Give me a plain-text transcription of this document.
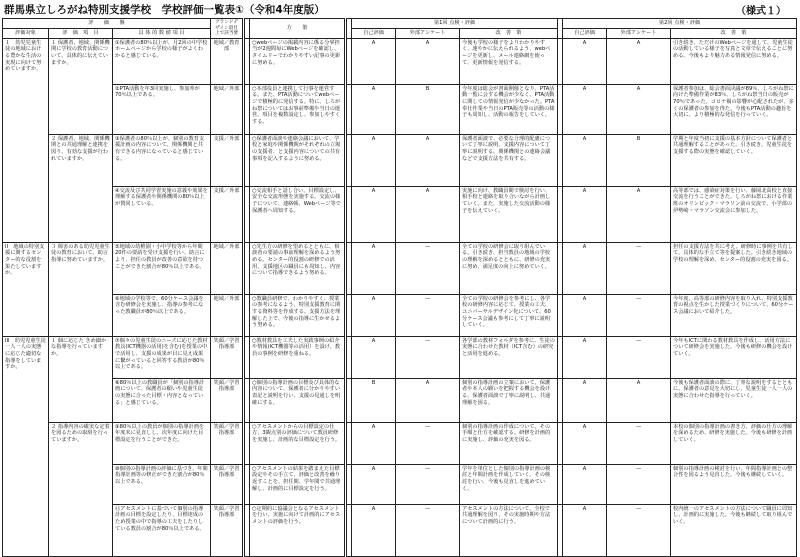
群馬県立しろがね特別支援学校　学校評価一覧表①（令和4年度版）	（様式１）
評　　価　　盤			グランドデザイン項目上で該当要		方　　策		第1回 点検・評価				第2回 点検・評価		
評価対象	評　価　項　目	具 体 的 数 値 項 目					自己評価	外部アンケート	改　善　策		自己評価	外部アンケート	改　善　策
１　幼児児童生徒の地域における豊かな生活の実現に向けて努めていますか。	１ 保護者、地域、関係機関に学校の教育活動について、具体的に伝えていますか。	①保護者の80％以上が、月2回の中学校ホームページから学校の様子がよくわかると感じている。	地域／教育部		○webページの掲載内容に係る分掌担当が2週間毎にWebページを確認し、タイムリーでわかりやすい記事の更新に努める。		A	A	今後も学校の様子をよりわかりやすく、速やかに伝えられるよう、webページを更新し、メール連絡網を使って、更新情報を発信する。		A	A	引き続き、ただけのWebページを通して、児童生徒の活動している様子を写真と文章で伝えることに努める。今後もより魅力ある情報発信に努める。
		②PTA活動を年3回実施し、参加率が70％以上である。	地域／外部		○本部役員と連携して行事を運営する。また、PTA活動についてwebページで積極的に発信する。特に、しろがね祭についてはお事前準備や当日の運営、項目を複数設定し、参加しやすくする。		A	B	今年度は総会が書面開催となり、PTA活動一覧に会する機会が少なく、PTA活動に関しての情報発信が少なかった。PTA奉仕作業や当日のPTA販売等の活動の様子も周知し、活動の報告をしていく。		A	A	保護者参加は、総会書面決議が89％、しろがね祭に向けた準備作業が83％、しろがね祭当日の販売が70％であった。コロナ禍の影響が心配されたが、多くの保護者の参加を得た。今後もPTA活動の趣旨を大切に、より積極的な発信を行っていく。
	２ 保護者、地域、関係機関との共通理解と連携を図り、有効な支援が行われていますか。	③保護者の80％以上が、個別の教育支援計画の内容について、関係機関と共有できる内容になっていると感じている。	支援／外部		○保護者面談や連絡会議において、学校と家庭や関係機関がそれぞれの立場の支援者、と支援内容についての共有事項を記入するように努める。		A	A	保護者面談で、必要な合理的配慮について丁寧に説明、支援内容について丁寧に説明する。関係機関との連絡会議などで支援方法を共有する。		A	B	学期と年度当初に支援の基本方針について保護者と共通理解することがあった。引き続き、児童生徒を支援する際の実態を確認していく。
		④交流及び共同学習実施の意義や効果を理解する保護者や関係機関の80％以上が賛同している。	支援／外部		○交流相手と話し合い、目標設定し、安全な交流形態を実施する。交流の様子について、連絡帳、Webページ等で保護者へ周知する。		A	A	実施に向け、教職員間で検討を行い、相手校と連絡を取り合いながら計画していく。また、実施した交流活動の様子を伝えていく。		A	A	高等部では、感染症対策を行い、藤岡北高校と直接交流を行うことができた。しろがね祭における作業班のオリンピック・マラソン前の交流で、小学部の伊勢崎・マラソン交流会に参加した。
II　地域の特別支援に関するセンター的な役割を果たしていますか。	３ 障害のある幼児児童生徒の教育において、助言指導に努めていますか。	⑤地域の幼稚園・小中学校等から年間20件の要請を受け支援を行い、助言により、担任の教員が改善の意欲を持つことができた割合が80％以上である。	地域／外部		○先生方の研修を望めるとともに、相談者の要請の事前理解を深めるよう努める。センター的役割の研修での活用、支援地区の職員にも周知し、内容について指導できるよう努める。		A	—	全ての学校の研修会に取り組んでいる。引き続き、担当教員の地域の学校の理解を深めるとともに、研修の充実に努め、満足度の向上に努めていく。		A	—	担任の支援方法を共に考え、研修時に事例を共有して、具体的な手立て等を提案した。引き続き地域の学校の理解を深め、センター的役割の充実を図る。
		⑥地域の学校等で、60分ケース会議を含む研修会を実施し、指導の参考になった教職員が80％以上である。	地域／外部		○教職員研修で、わかりやすく、授業の参考になるよう、特別支援教育に関する資料等を作成する。支援方法を理解した上で、今後の指導に生かせるよう努める。		A	—	全ての学校の研修会を参考にし、各学校の研修内容に応じて、授業の工夫、ユニバーサルデザイン化について、60分ケース会議も参考にして丁寧に説明していく。		A	—	今年度、高等部の研修内容を取り入れ、特別支援教育の視点を生かした授業づくりについて、60分ケース会議において紹介した。
III　幼児児童生徒一人一人の実態に応じた適切な指導をしていますか。	１ 個に応じた きめ細かな指導を行っていますか。	⑦個々の児童生徒のニーズに応じた教材教具(ICT機器の活用)を含む)を授業の中で活用し、支援の成果が目に見え成果に繋がっていると回答する教員が80％以上である。	笑顔／学習指導部		○教材教具を工夫した実践事例の紹介や情報(ICT機器等の活用）を設け、教員の事例を研修を重ねる。		A	—	各学部の教材フォルダを参考に、生徒の実態に合わせた教材（ICT含む）の研究と活用を進める。		A	—	今年もICTに関わる教材教具を作成し、活用方法について研修会を実施した。今後も研修の機会を設けていく。
		⑧80％以上の教職員が「個別の指導計画について、保護者の願いや児童生徒の実態に合った目標・内容となっている」と感じている。	笑顔／学習指導部		○個別の指導計画の目標及び具体的な内容について、保護者に分かりやすい表記と説明を行い、支援の見通しを明確にする。		B	A	個別の指導計画の立案において、保護者や本人の願いを把握する機会を設ける。保護者面談で丁寧に説明し、共通理解を図る。		A	A	今後も保護者面談の際に、丁寧な説明をするとともに、保護者の意見を大切にし、児童生徒一人一人の実態に合わせた指導を行っていく。
	２ 指導内容の確実な定着を図るための取組を行っていますか。	⑨80％以上の教員が個別の指導計画を年度末に見直しし、次年度に向けた目標設定を行うことができた。	笑顔／学習指導部		○アセスメントからの目標設定の仕方、3観点別の評価について教員研修を実施し、計画的な目標設定を行う。		A	—	個別の指導計画の作成について、その手順と仕方を確認する。研修を計画的に実施し、評価の充実を図る。		A	—	本校の個別の指導計画の書き方、評価の仕方の理解を深めるため、研修を実施した。今後も研修を計画していく。
		⑩個別の指導計画の評価に基づき、年間指導計画等の修正ができた割合が80％以上である。	笑顔／学習指導部		○アセスメントの結果を踏まえた目標設定やその手立て、評価と改善を繰り返すことを、担任間、学年間で共通理解し、計画的に目標設定を行う。		A	—	学年を単位とした個別の指導計画の検討と年間計画を作成していく。その検討を行い、今後も見直しを進めていく。		A	—	個別の指導計画の検討を行い、年間指導計画との整合性を図るよう見直した。今後も継続していく。
		⑪アセスメントに基づいて個別の指導計画の目標を設定したり、目標達成のため授業の中で指導の工夫をしたりしている教員の割合が80％以上である。	笑顔／学習指導部		○定期的に協議会となるアセスメントを行い、実施に向けて計画的にアセスメントの評価を行う。		A	—	アセスメントの方法について、全校で共通理解を図り、その実施時期や方法について計画的に行う。		A	—	校内統一のアセスメントの方法について職員に周知し、計画的に実施した。今後も継続して取り組んでいく。
